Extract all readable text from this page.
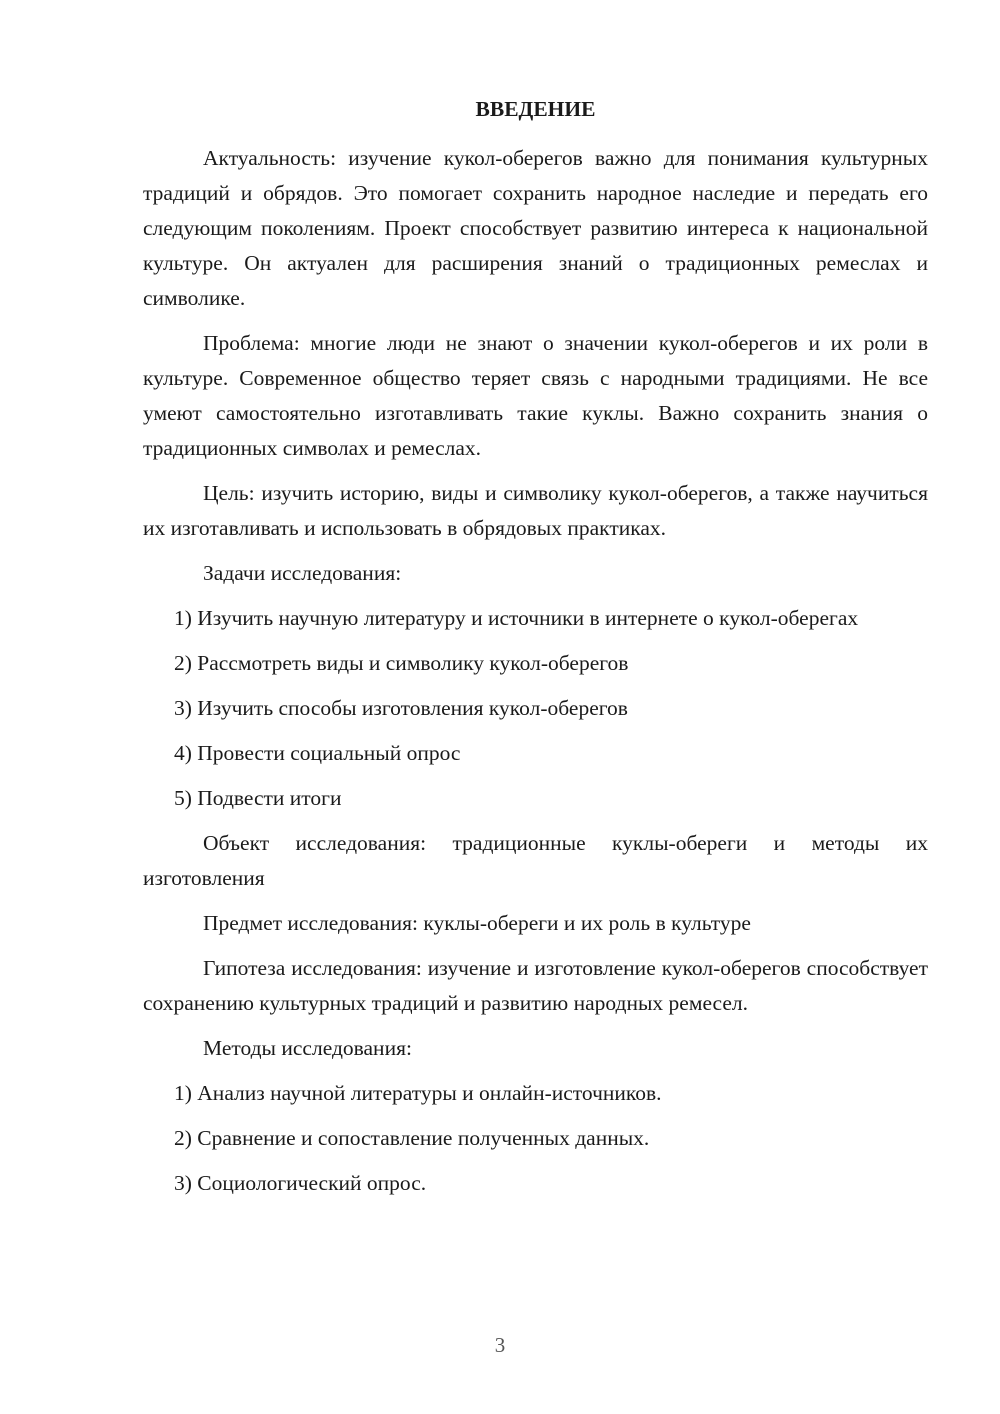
ВВЕДЕНИЕ

Актуальность: изучение кукол-оберегов важно для понимания культурных традиций и обрядов. Это помогает сохранить народное наследие и передать его следующим поколениям. Проект способствует развитию интереса к национальной культуре. Он актуален для расширения знаний о традиционных ремеслах и символике.

Проблема: многие люди не знают о значении кукол-оберегов и их роли в культуре. Современное общество теряет связь с народными традициями. Не все умеют самостоятельно изготавливать такие куклы. Важно сохранить знания о традиционных символах и ремеслах.

Цель: изучить историю, виды и символику кукол-оберегов, а также научиться их изготавливать и использовать в обрядовых практиках.

Задачи исследования:

1) Изучить научную литературу и источники в интернете о кукол-оберегах

2) Рассмотреть виды и символику кукол-оберегов

3) Изучить способы изготовления кукол-оберегов

4) Провести социальный опрос

5) Подвести итоги

Объект исследования: традиционные куклы-обереги и методы их изготовления

Предмет исследования: куклы-обереги и их роль в культуре

Гипотеза исследования: изучение и изготовление кукол-оберегов способствует сохранению культурных традиций и развитию народных ремесел.

Методы исследования:

1) Анализ научной литературы и онлайн-источников.

2) Сравнение и сопоставление полученных данных.

3) Социологический опрос.

3
